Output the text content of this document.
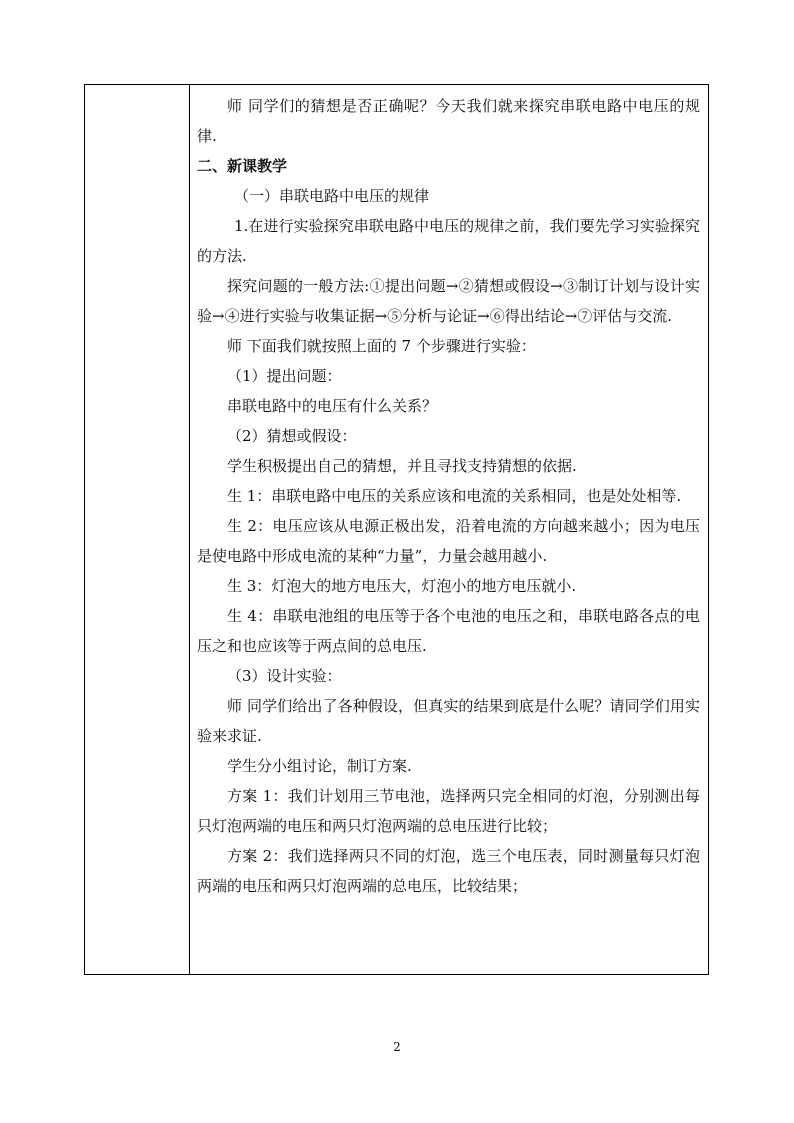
师 同学们的猜想是否正确呢？今天我们就来探究串联电路中电压的规律.

二、新课教学

（一）串联电路中电压的规律

1.在进行实验探究串联电路中电压的规律之前，我们要先学习实验探究的方法.

探究问题的一般方法:①提出问题→②猜想或假设→③制订计划与设计实验→④进行实验与收集证据→⑤分析与论证→⑥得出结论→⑦评估与交流.

师 下面我们就按照上面的 7 个步骤进行实验：

（1）提出问题：

串联电路中的电压有什么关系？

（2）猜想或假设：

学生积极提出自己的猜想，并且寻找支持猜想的依据.

生 1：串联电路中电压的关系应该和电流的关系相同，也是处处相等.

生 2：电压应该从电源正极出发，沿着电流的方向越来越小；因为电压是使电路中形成电流的某种“力量”，力量会越用越小.

生 3：灯泡大的地方电压大，灯泡小的地方电压就小.

生 4：串联电池组的电压等于各个电池的电压之和，串联电路各点的电压之和也应该等于两点间的总电压.

（3）设计实验：

师 同学们给出了各种假设，但真实的结果到底是什么呢？请同学们用实验来求证.

学生分小组讨论，制订方案.

方案 1：我们计划用三节电池，选择两只完全相同的灯泡，分别测出每只灯泡两端的电压和两只灯泡两端的总电压进行比较；

方案 2：我们选择两只不同的灯泡，选三个电压表，同时测量每只灯泡两端的电压和两只灯泡两端的总电压，比较结果；

2
